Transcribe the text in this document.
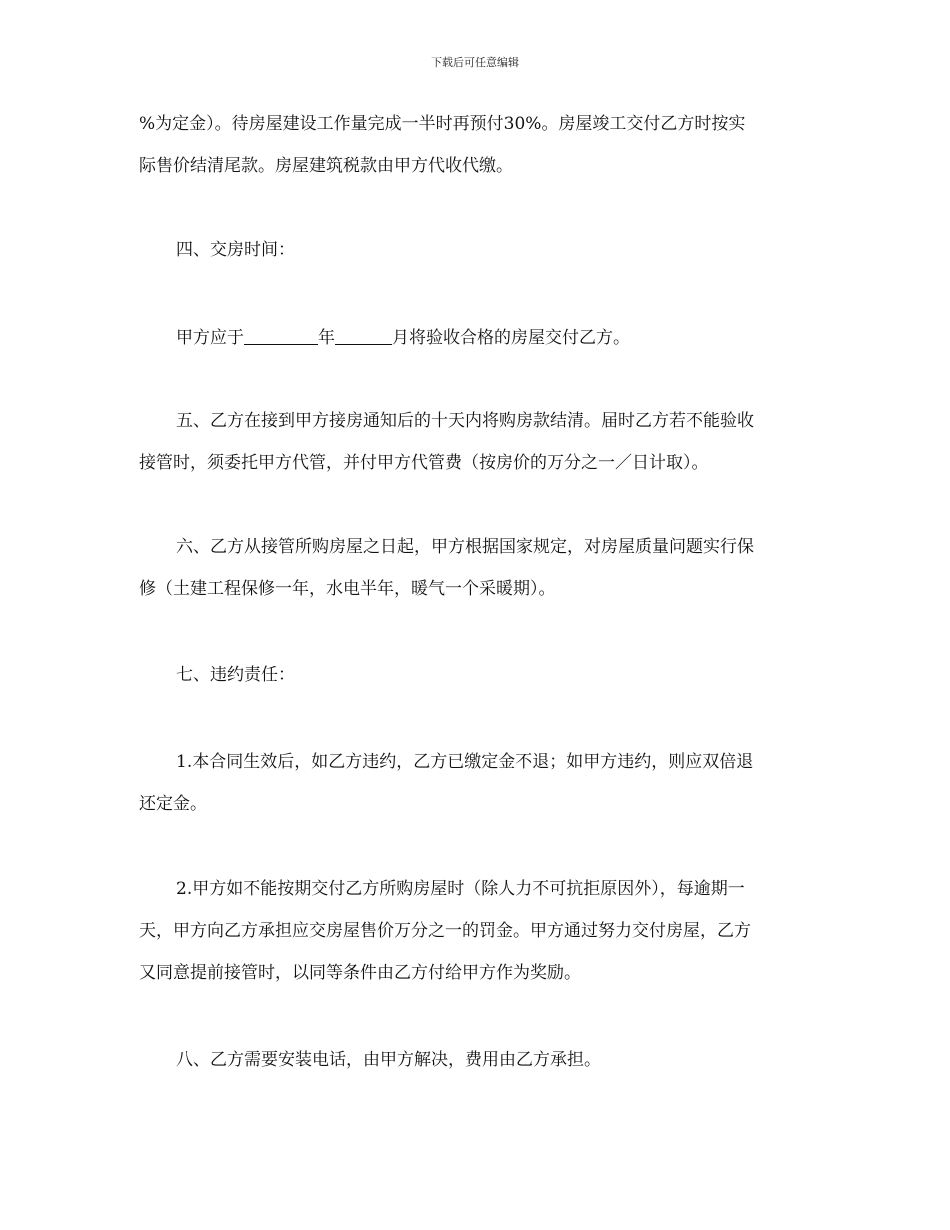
下载后可任意编辑
%为定金）。待房屋建设工作量完成一半时再预付30%。房屋竣工交付乙方时按实
际售价结清尾款。房屋建筑税款由甲方代收代缴。
四、交房时间：
甲方应于	年	月将验收合格的房屋交付乙方。
五、乙方在接到甲方接房通知后的十天内将购房款结清。届时乙方若不能验收
接管时，须委托甲方代管，并付甲方代管费（按房价的万分之一／日计取）。
六、乙方从接管所购房屋之日起，甲方根据国家规定，对房屋质量问题实行保
修（土建工程保修一年，水电半年，暖气一个采暖期）。
七、违约责任：
1.本合同生效后，如乙方违约，乙方已缴定金不退；如甲方违约，则应双倍退
还定金。
2.甲方如不能按期交付乙方所购房屋时（除人力不可抗拒原因外），每逾期一
天，甲方向乙方承担应交房屋售价万分之一的罚金。甲方通过努力交付房屋，乙方
又同意提前接管时，以同等条件由乙方付给甲方作为奖励。
八、乙方需要安装电话，由甲方解决，费用由乙方承担。
